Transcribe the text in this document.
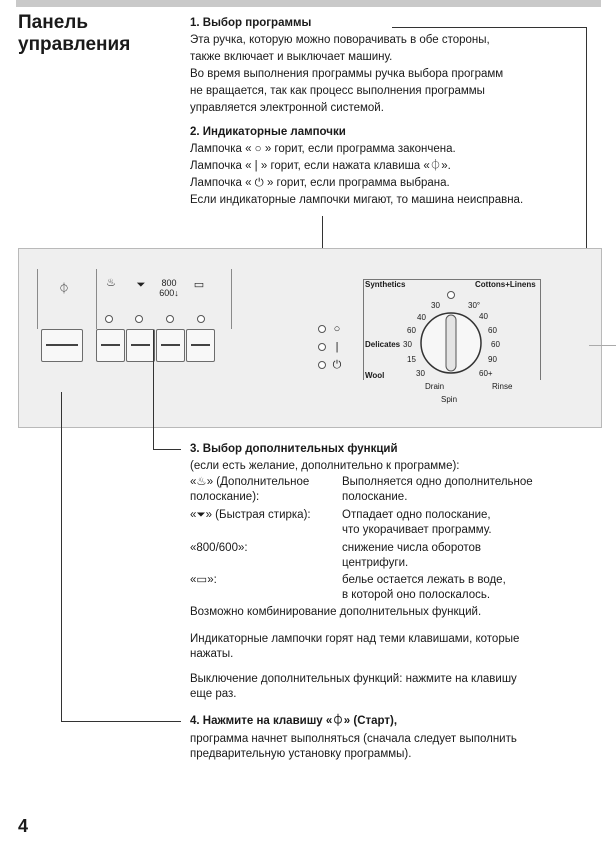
Панель
управления
1. Выбор программы
Эта ручка, которую можно поворачивать в обе стороны,
также включает и выключает машину.
Во время выполнения программы ручка выбора программ
не вращается, так как процесс выполнения программы
управляется электронной системой.
2. Индикаторные лампочки
Лампочка « ○ » горит, если программа закончена.
Лампочка « | » горит, если нажата клавиша «⏀».
Лампочка « ⏻ » горит, если программа выбрана.
Если индикаторные лампочки мигают, то машина неисправна.
⏀	♨	⏷	800
600↓
▭
○
|
⏻
Synthetics	Cottons+Linens
Delicates
Wool
Drain
Spin
Rinse
30
40
60
30
15
30
30°
40
60
60
90
60+
3. Выбор дополнительных функций
(если есть желание, дополнительно к программе):
«♨» (Дополнительное	Выполняется одно дополнительное
полоскание):	полоскание.
«⏷» (Быстрая стирка):	Отпадает одно полоскание,
что укорачивает программу.
«800/600»:	снижение числа оборотов
центрифуги.
«▭»:	белье остается лежать в воде,
в которой оно полоскалось.
Возможно комбинирование дополнительных функций.
Индикаторные лампочки горят над теми клавишами, которые
нажаты.
Выключение дополнительных функций: нажмите на клавишу
еще раз.
4. Нажмите на клавишу «⏀» (Старт),
программа начнет выполняться (сначала следует выполнить
предварительную установку программы).
4
